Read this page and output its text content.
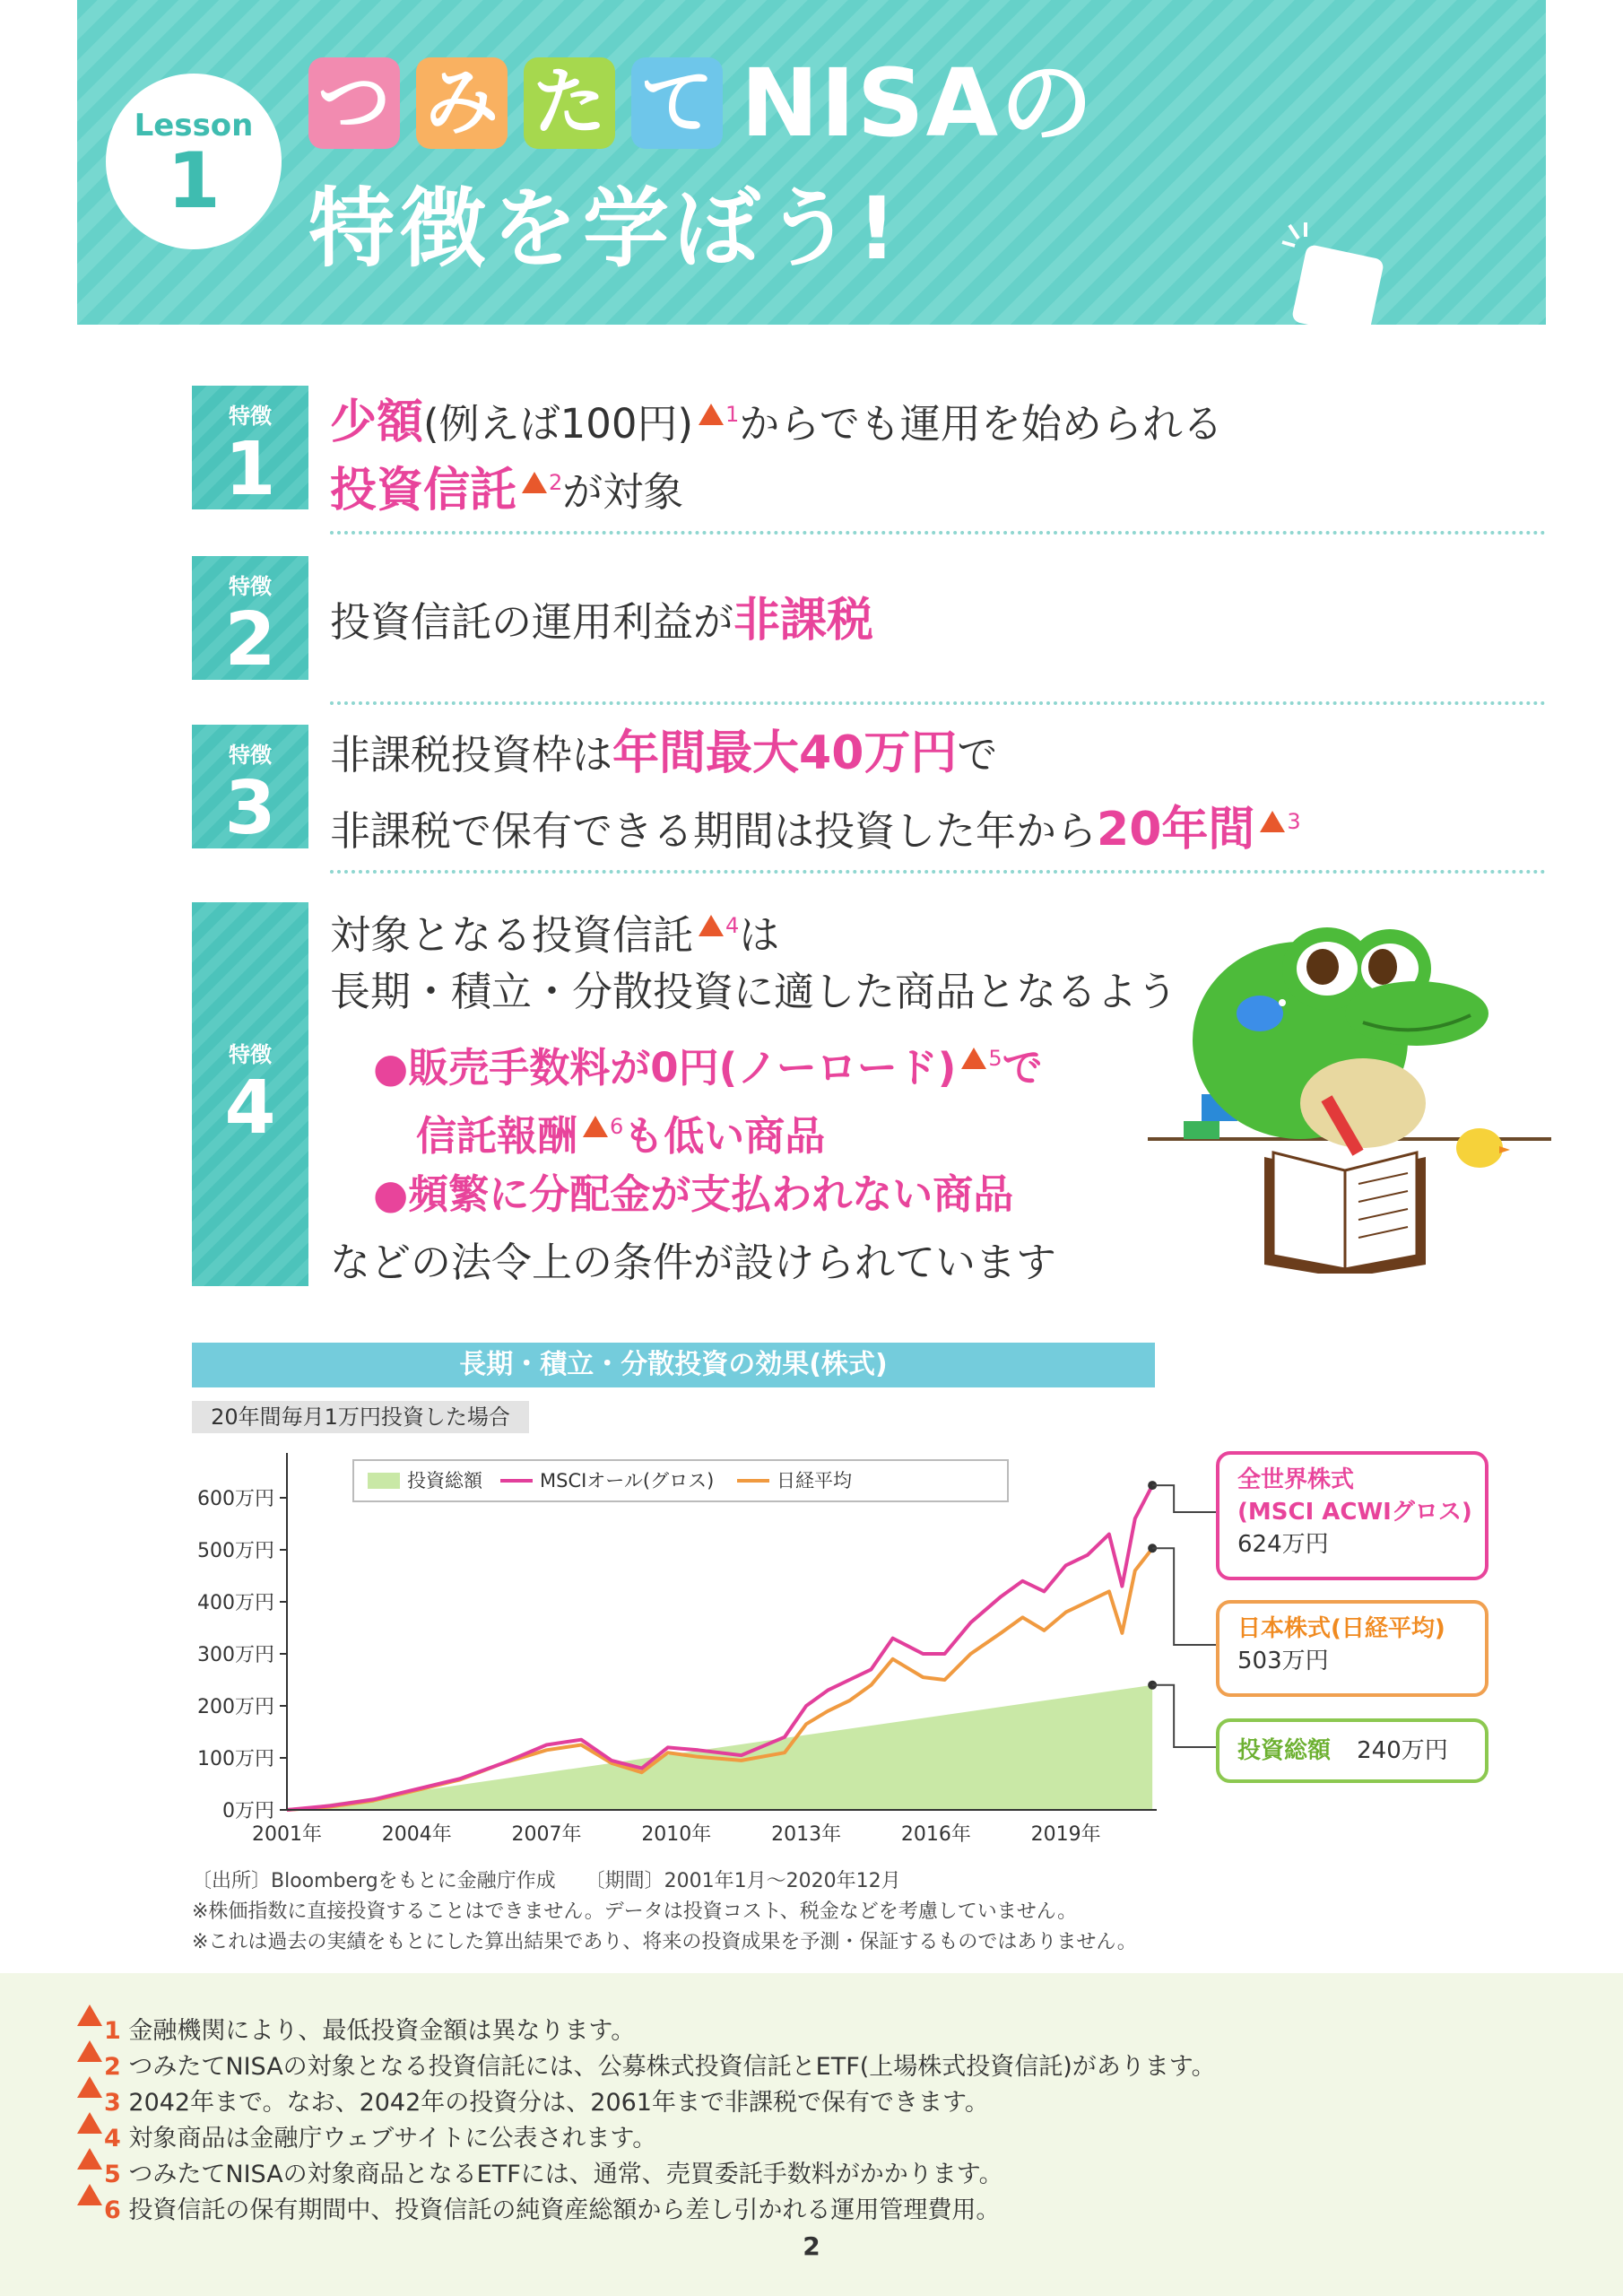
Lesson
1
つ み た て NISAの
特徴を学ぼう!
特徴
1
少額(例えば100円) $^1$からでも運用を始められる
投資信託 $^2$が対象
特徴
2	投資信託の運用利益が非課税
特徴
3
非課税投資枠は年間最大40万円で
非課税で保有できる期間は投資した年から20年間 $^3$
特徴
4
対象となる投資信託 $^4$は
長期・積立・分散投資に適した商品となるよう
●販売手数料が0円(ノーロード) $^5$で
信託報酬 $^6$も低い商品
●頻繁に分配金が支払われない商品
などの法令上の条件が設けられています
長期・積立・分散投資の効果(株式)
20年間毎月1万円投資した場合
0万円
100万円
200万円
300万円
400万円
500万円
600万円
2001年	2004年	2007年	2010年	2013年	2016年	2019年
投資総額	MSCIオール(グロス)	日経平均	全世界株式
(MSCI ACWIグロス)
624万円
日本株式(日経平均)
503万円
投資総額 240万円
〔出所〕Bloombergをもとに金融庁作成　　〔期間〕2001年1月〜2020年12月
※株価指数に直接投資することはできません。データは投資コスト、税金などを考慮していません。
※これは過去の実績をもとにした算出結果であり、将来の投資成果を予測・保証するものではありません。
1 金融機関により、最低投資金額は異なります。
2 つみたてNISAの対象となる投資信託には、公募株式投資信託とETF(上場株式投資信託)があります。
3 2042年まで。なお、2042年の投資分は、2061年まで非課税で保有できます。
4 対象商品は金融庁ウェブサイトに公表されます。
5 つみたてNISAの対象商品となるETFには、通常、売買委託手数料がかかります。
6 投資信託の保有期間中、投資信託の純資産総額から差し引かれる運用管理費用。
2
